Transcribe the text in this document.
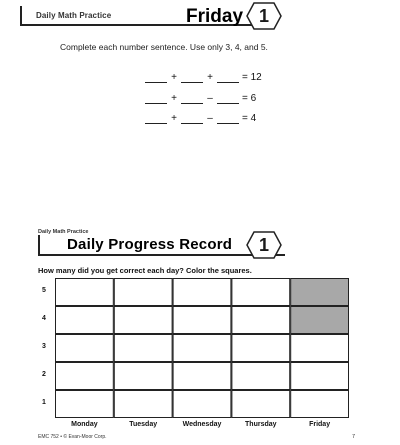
Daily Math Practice	Friday 1
Complete each number sentence. Use only 3, 4, and 5.
+	+	= 12
+	–	= 6
+	–	= 4
Daily Math Practice
Daily Progress Record	1
How many did you get correct each day? Color the squares.
5
4
3
2
1
Monday	Tuesday	Wednesday	Thursday	Friday
EMC 752 • © Evan-Moor Corp.	7
